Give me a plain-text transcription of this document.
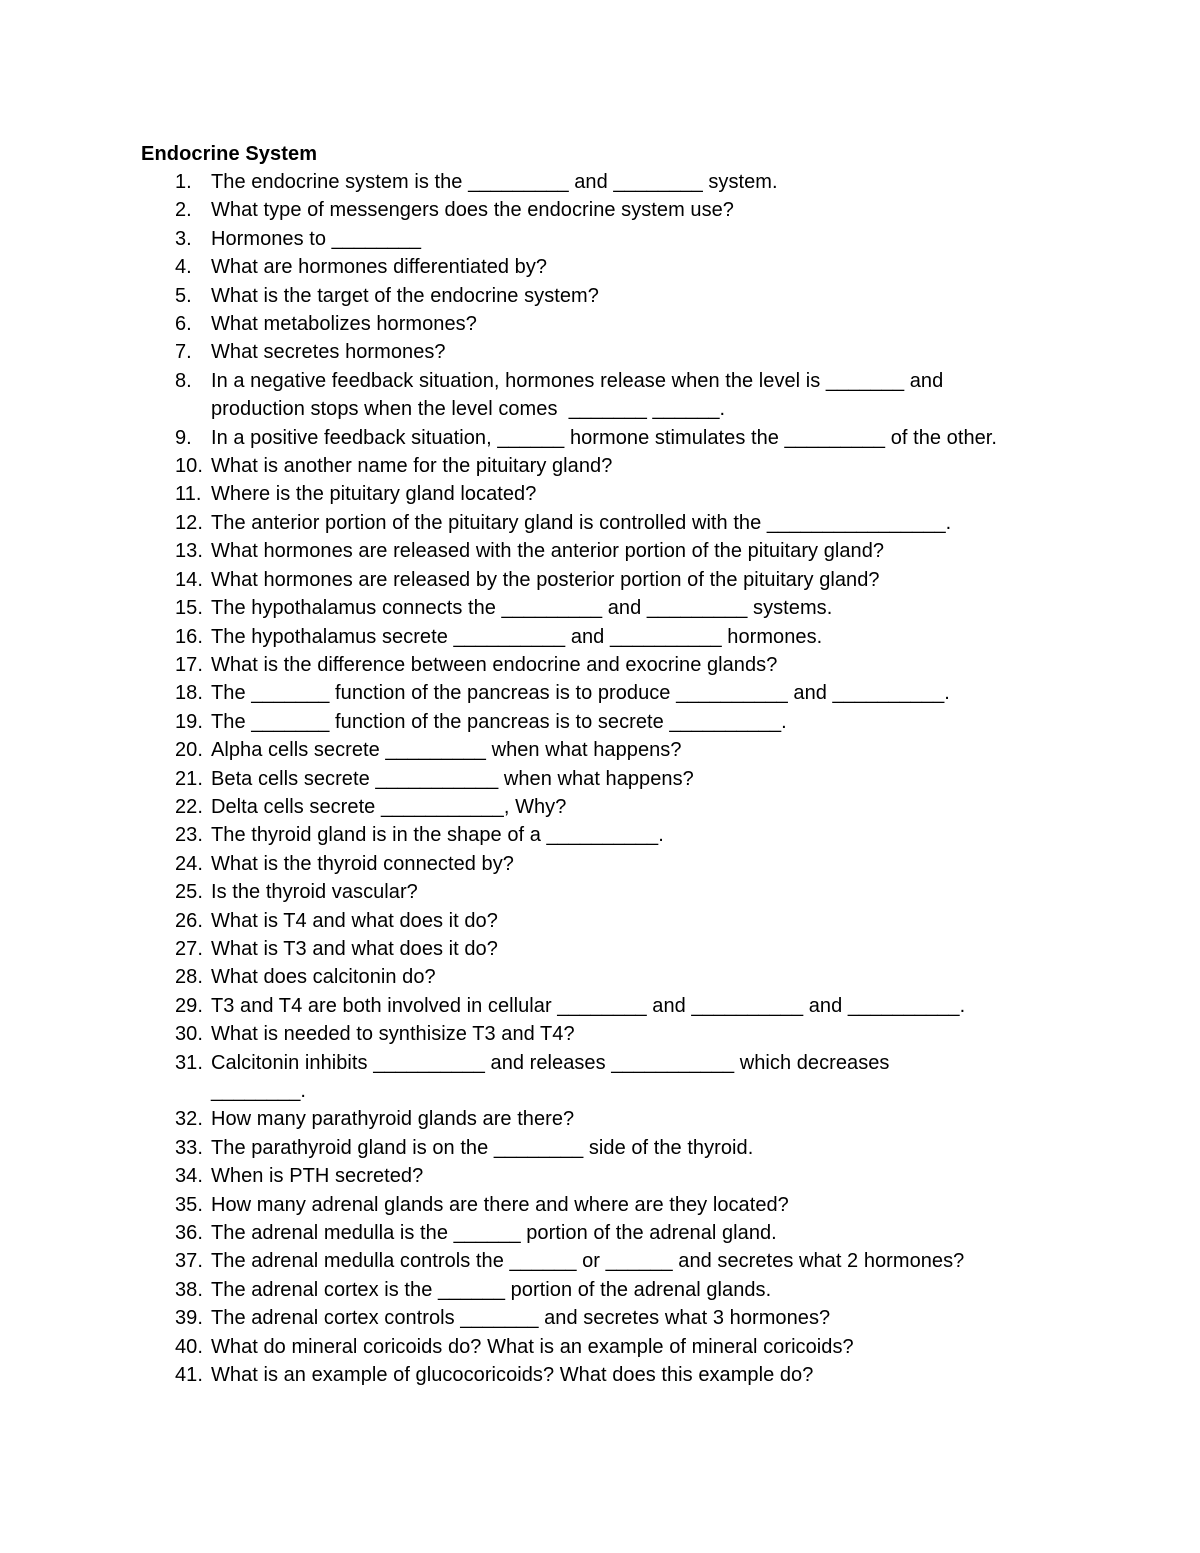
Endocrine System
1. The endocrine system is the _________ and ________ system.
2. What type of messengers does the endocrine system use?
3. Hormones to ________
4. What are hormones differentiated by?
5. What is the target of the endocrine system?
6. What metabolizes hormones?
7. What secretes hormones?
8. In a negative feedback situation, hormones release when the level is _______ and
production stops when the level comes  _______ ______.
9. In a positive feedback situation, ______ hormone stimulates the _________ of the other.
10. What is another name for the pituitary gland?
11. Where is the pituitary gland located?
12. The anterior portion of the pituitary gland is controlled with the ________________.
13. What hormones are released with the anterior portion of the pituitary gland?
14. What hormones are released by the posterior portion of the pituitary gland?
15. The hypothalamus connects the _________ and _________ systems.
16. The hypothalamus secrete __________ and __________ hormones.
17. What is the difference between endocrine and exocrine glands?
18. The _______ function of the pancreas is to produce __________ and __________.
19. The _______ function of the pancreas is to secrete __________.
20. Alpha cells secrete _________ when what happens?
21. Beta cells secrete ___________ when what happens?
22. Delta cells secrete ___________, Why?
23. The thyroid gland is in the shape of a __________.
24. What is the thyroid connected by?
25. Is the thyroid vascular?
26. What is T4 and what does it do?
27. What is T3 and what does it do?
28. What does calcitonin do?
29. T3 and T4 are both involved in cellular ________ and __________ and __________.
30. What is needed to synthisize T3 and T4?
31. Calcitonin inhibits __________ and releases ___________ which decreases
________.
32. How many parathyroid glands are there?
33. The parathyroid gland is on the ________ side of the thyroid.
34. When is PTH secreted?
35. How many adrenal glands are there and where are they located?
36. The adrenal medulla is the ______ portion of the adrenal gland.
37. The adrenal medulla controls the ______ or ______ and secretes what 2 hormones?
38. The adrenal cortex is the ______ portion of the adrenal glands.
39. The adrenal cortex controls _______ and secretes what 3 hormones?
40. What do mineral coricoids do? What is an example of mineral coricoids?
41. What is an example of glucocoricoids? What does this example do?
